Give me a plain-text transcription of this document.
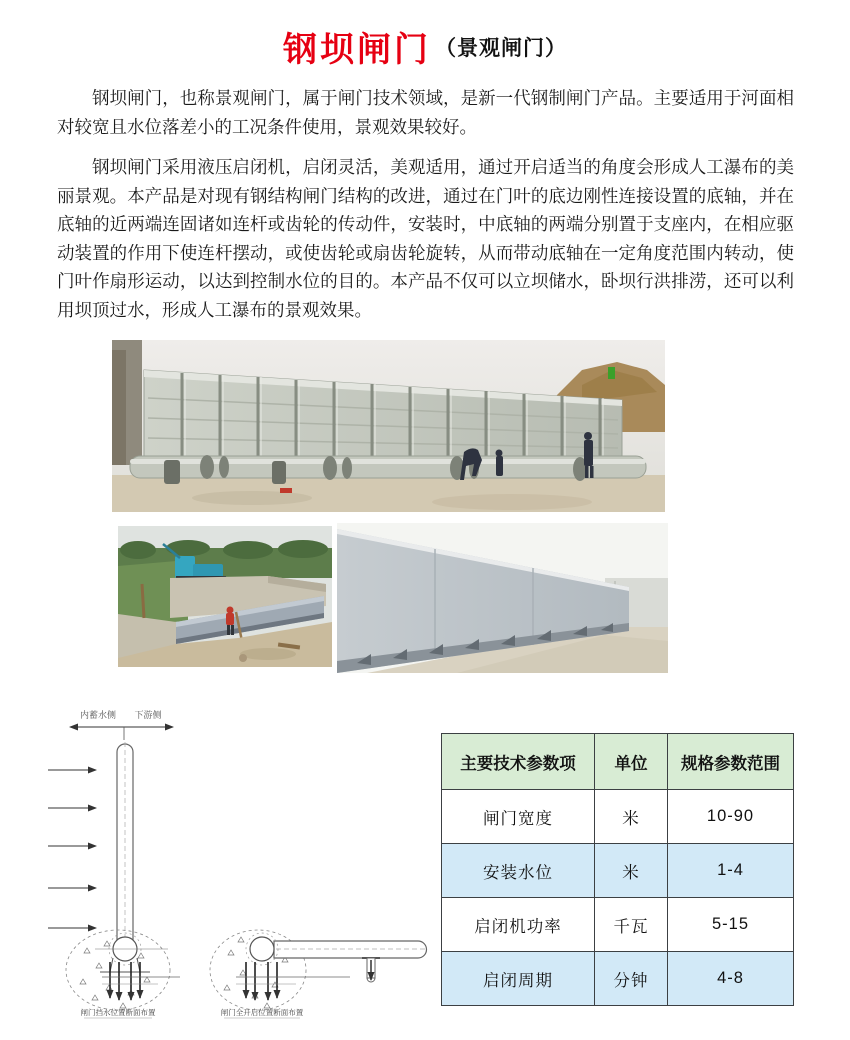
钢坝闸门 （景观闸门）

钢坝闸门，也称景观闸门，属于闸门技术领域，是新一代钢制闸门产品。主要适用于河面相对较宽且水位落差小的工况条件使用，景观效果较好。

钢坝闸门采用液压启闭机，启闭灵活，美观适用，通过开启适当的角度会形成人工瀑布的美丽景观。本产品是对现有钢结构闸门结构的改进，通过在门叶的底边刚性连接设置的底轴，并在底轴的近两端连固诸如连杆或齿轮的传动件，安装时，中底轴的两端分别置于支座内，在相应驱动装置的作用下使连杆摆动，或使齿轮或扇齿轮旋转，从而带动底轴在一定角度范围内转动，使门叶作扇形运动，以达到控制水位的目的。本产品不仅可以立坝储水，卧坝行洪排涝，还可以利用坝顶过水，形成人工瀑布的景观效果。

内蓄水侧 下游侧
闸门挡水位置断面布置	闸门全开启位置断面布置
主要技术参数项	单位	规格参数范围
闸门宽度	米	10-90
安装水位	米	1-4
启闭机功率	千瓦	5-15
启闭周期	分钟	4-8
